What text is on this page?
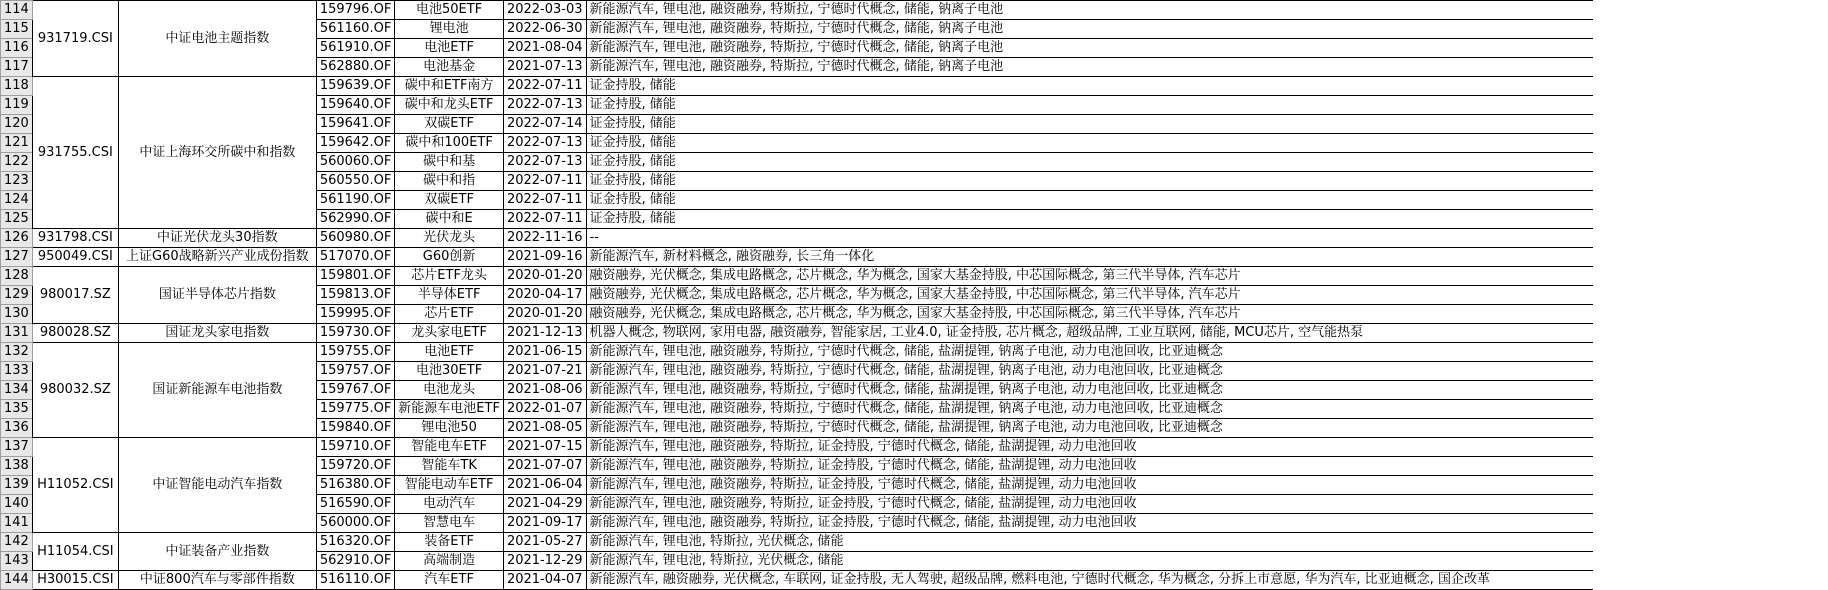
114	931719.CSI	中证电池主题指数	159796.OF	电池50ETF	2022-03-03	新能源汽车, 锂电池, 融资融券, 特斯拉, 宁德时代概念, 储能, 钠离子电池
115			561160.OF	锂电池	2022-06-30	新能源汽车, 锂电池, 融资融券, 特斯拉, 宁德时代概念, 储能, 钠离子电池
116			561910.OF	电池ETF	2021-08-04	新能源汽车, 锂电池, 融资融券, 特斯拉, 宁德时代概念, 储能, 钠离子电池
117			562880.OF	电池基金	2021-07-13	新能源汽车, 锂电池, 融资融券, 特斯拉, 宁德时代概念, 储能, 钠离子电池
118	931755.CSI	中证上海环交所碳中和指数	159639.OF	碳中和ETF南方	2022-07-11	证金持股, 储能
119			159640.OF	碳中和龙头ETF	2022-07-13	证金持股, 储能
120			159641.OF	双碳ETF	2022-07-14	证金持股, 储能
121			159642.OF	碳中和100ETF	2022-07-13	证金持股, 储能
122			560060.OF	碳中和基	2022-07-13	证金持股, 储能
123			560550.OF	碳中和指	2022-07-11	证金持股, 储能
124			561190.OF	双碳ETF	2022-07-11	证金持股, 储能
125			562990.OF	碳中和E	2022-07-11	证金持股, 储能
126	931798.CSI	中证光伏龙头30指数	560980.OF	光伏龙头	2022-11-16	--
127	950049.CSI	上证G60战略新兴产业成份指数	517070.OF	G60创新	2021-09-16	新能源汽车, 新材料概念, 融资融券, 长三角一体化
128	980017.SZ	国证半导体芯片指数	159801.OF	芯片ETF龙头	2020-01-20	融资融券, 光伏概念, 集成电路概念, 芯片概念, 华为概念, 国家大基金持股, 中芯国际概念, 第三代半导体, 汽车芯片
129			159813.OF	半导体ETF	2020-04-17	融资融券, 光伏概念, 集成电路概念, 芯片概念, 华为概念, 国家大基金持股, 中芯国际概念, 第三代半导体, 汽车芯片
130			159995.OF	芯片ETF	2020-01-20	融资融券, 光伏概念, 集成电路概念, 芯片概念, 华为概念, 国家大基金持股, 中芯国际概念, 第三代半导体, 汽车芯片
131	980028.SZ	国证龙头家电指数	159730.OF	龙头家电ETF	2021-12-13	机器人概念, 物联网, 家用电器, 融资融券, 智能家居, 工业4.0, 证金持股, 芯片概念, 超级品牌, 工业互联网, 储能, MCU芯片, 空气能热泵
132	980032.SZ	国证新能源车电池指数	159755.OF	电池ETF	2021-06-15	新能源汽车, 锂电池, 融资融券, 特斯拉, 宁德时代概念, 储能, 盐湖提锂, 钠离子电池, 动力电池回收, 比亚迪概念
133			159757.OF	电池30ETF	2021-07-21	新能源汽车, 锂电池, 融资融券, 特斯拉, 宁德时代概念, 储能, 盐湖提锂, 钠离子电池, 动力电池回收, 比亚迪概念
134			159767.OF	电池龙头	2021-08-06	新能源汽车, 锂电池, 融资融券, 特斯拉, 宁德时代概念, 储能, 盐湖提锂, 钠离子电池, 动力电池回收, 比亚迪概念
135			159775.OF	新能源车电池ETF	2022-01-07	新能源汽车, 锂电池, 融资融券, 特斯拉, 宁德时代概念, 储能, 盐湖提锂, 钠离子电池, 动力电池回收, 比亚迪概念
136			159840.OF	锂电池50	2021-08-05	新能源汽车, 锂电池, 融资融券, 特斯拉, 宁德时代概念, 储能, 盐湖提锂, 钠离子电池, 动力电池回收, 比亚迪概念
137	H11052.CSI	中证智能电动汽车指数	159710.OF	智能电车ETF	2021-07-15	新能源汽车, 锂电池, 融资融券, 特斯拉, 证金持股, 宁德时代概念, 储能, 盐湖提锂, 动力电池回收
138			159720.OF	智能车TK	2021-07-07	新能源汽车, 锂电池, 融资融券, 特斯拉, 证金持股, 宁德时代概念, 储能, 盐湖提锂, 动力电池回收
139			516380.OF	智能电动车ETF	2021-06-04	新能源汽车, 锂电池, 融资融券, 特斯拉, 证金持股, 宁德时代概念, 储能, 盐湖提锂, 动力电池回收
140			516590.OF	电动汽车	2021-04-29	新能源汽车, 锂电池, 融资融券, 特斯拉, 证金持股, 宁德时代概念, 储能, 盐湖提锂, 动力电池回收
141			560000.OF	智慧电车	2021-09-17	新能源汽车, 锂电池, 融资融券, 特斯拉, 证金持股, 宁德时代概念, 储能, 盐湖提锂, 动力电池回收
142	H11054.CSI	中证装备产业指数	516320.OF	装备ETF	2021-05-27	新能源汽车, 锂电池, 特斯拉, 光伏概念, 储能
143			562910.OF	高端制造	2021-12-29	新能源汽车, 锂电池, 特斯拉, 光伏概念, 储能
144	H30015.CSI	中证800汽车与零部件指数	516110.OF	汽车ETF	2021-04-07	新能源汽车, 融资融券, 光伏概念, 车联网, 证金持股, 无人驾驶, 超级品牌, 燃料电池, 宁德时代概念, 华为概念, 分拆上市意愿, 华为汽车, 比亚迪概念, 国企改革
